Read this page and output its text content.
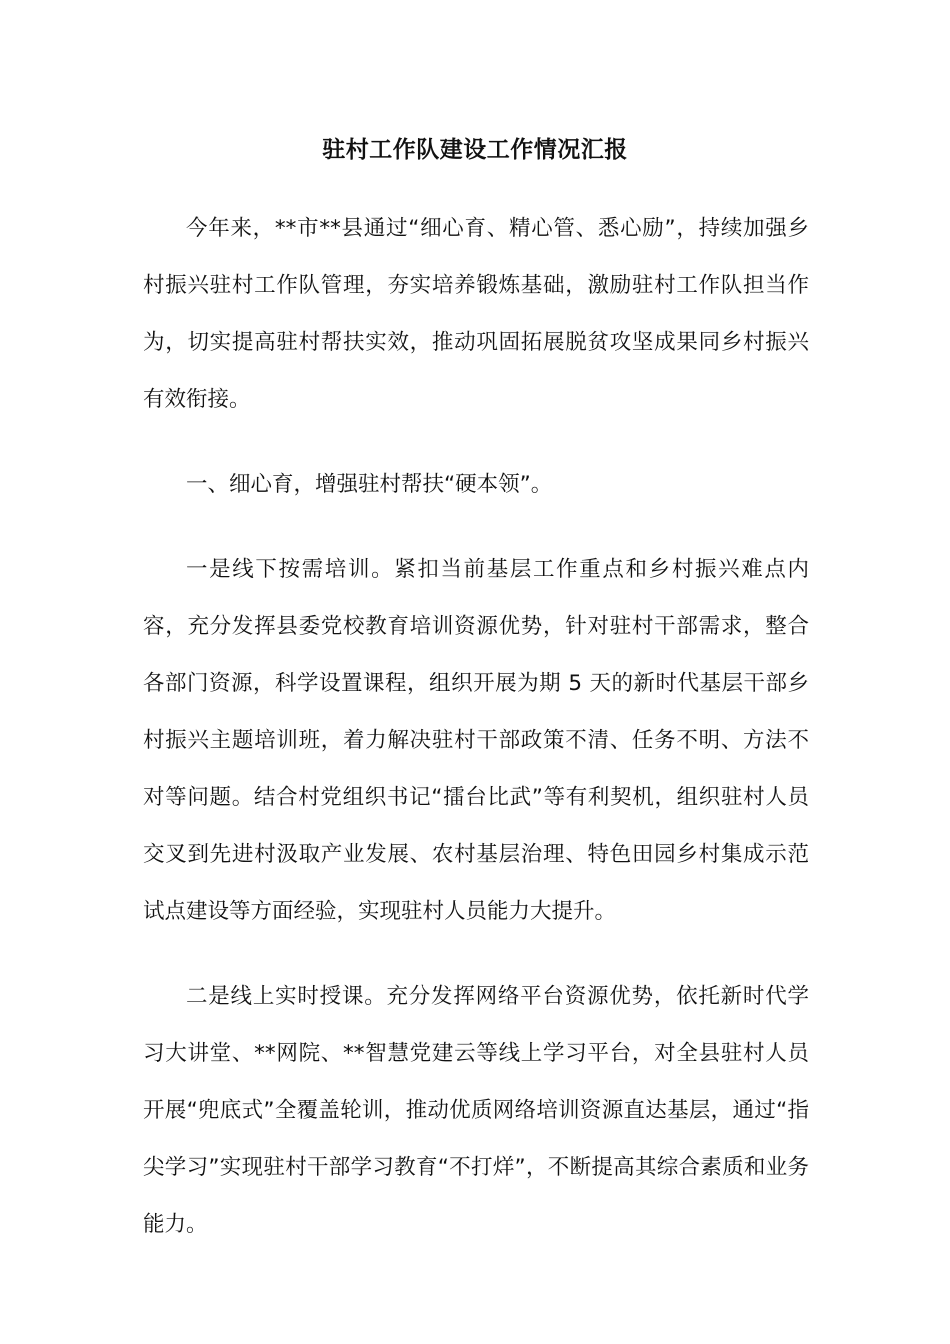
驻村工作队建设工作情况汇报

今年来，**市**县通过“细心育、精心管、悉心励”，持续加强乡村振兴驻村工作队管理，夯实培养锻炼基础，激励驻村工作队担当作为，切实提高驻村帮扶实效，推动巩固拓展脱贫攻坚成果同乡村振兴有效衔接。

一、细心育，增强驻村帮扶“硬本领”。

一是线下按需培训。紧扣当前基层工作重点和乡村振兴难点内容，充分发挥县委党校教育培训资源优势，针对驻村干部需求，整合各部门资源，科学设置课程，组织开展为期 5 天的新时代基层干部乡村振兴主题培训班，着力解决驻村干部政策不清、任务不明、方法不对等问题。结合村党组织书记“擂台比武”等有利契机，组织驻村人员交叉到先进村汲取产业发展、农村基层治理、特色田园乡村集成示范试点建设等方面经验，实现驻村人员能力大提升。

二是线上实时授课。充分发挥网络平台资源优势，依托新时代学习大讲堂、**网院、**智慧党建云等线上学习平台，对全县驻村人员开展“兜底式”全覆盖轮训，推动优质网络培训资源直达基层，通过“指尖学习”实现驻村干部学习教育“不打烊”，不断提高其综合素质和业务能力。
